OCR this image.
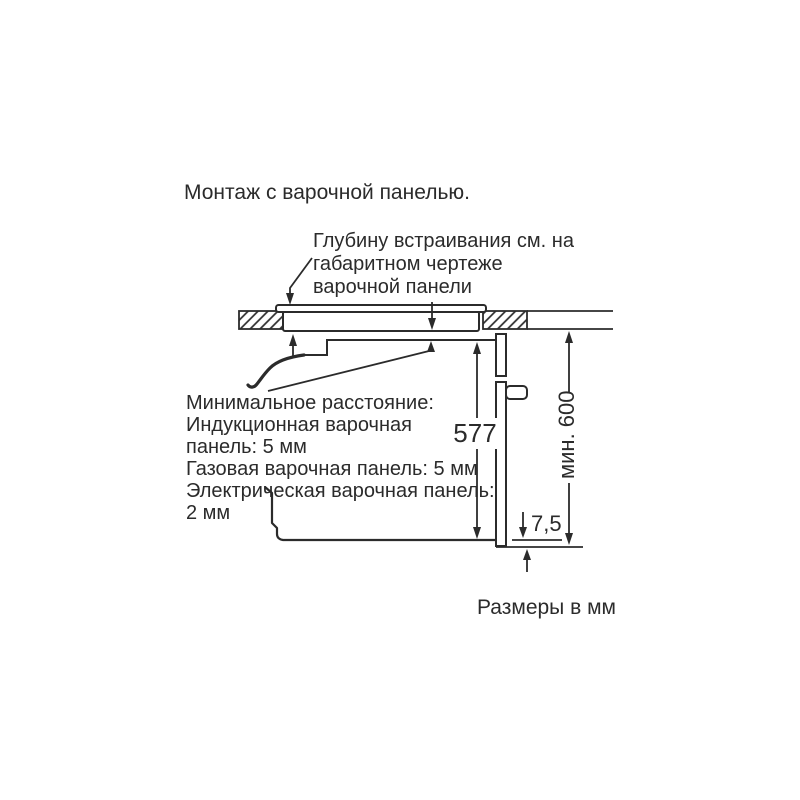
Монтаж с варочной панелью.
Глубину встраивания см. на
габаритном чертеже
варочной панели
Минимальное расстояние:
Индукционная варочная
панель: 5 мм
Газовая варочная панель: 5 мм
Электрическая варочная панель:
2 мм
577	мин. 600
7,5
Размеры в мм
